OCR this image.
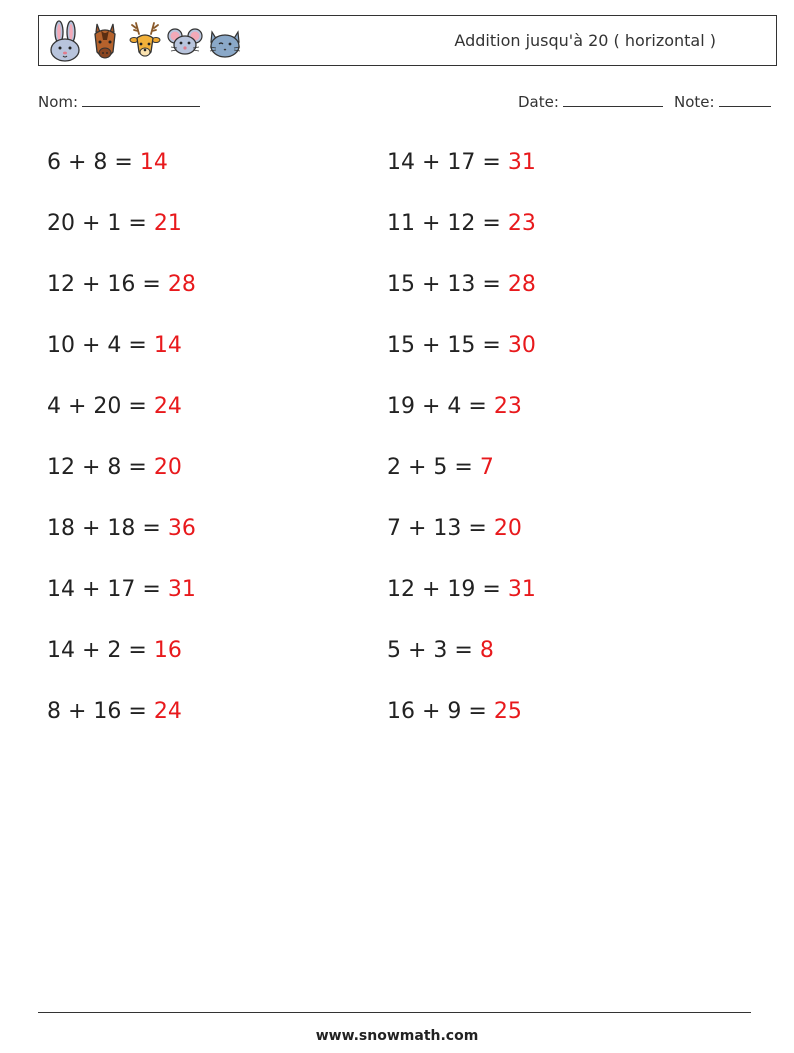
Addition jusqu'à 20 ( horizontal )
Nom:	Date:	Note:
6 + 8 = 14
20 + 1 = 21
12 + 16 = 28
10 + 4 = 14
4 + 20 = 24
12 + 8 = 20
18 + 18 = 36
14 + 17 = 31
14 + 2 = 16
8 + 16 = 24
14 + 17 = 31
11 + 12 = 23
15 + 13 = 28
15 + 15 = 30
19 + 4 = 23
2 + 5 = 7
7 + 13 = 20
12 + 19 = 31
5 + 3 = 8
16 + 9 = 25
www.snowmath.com
